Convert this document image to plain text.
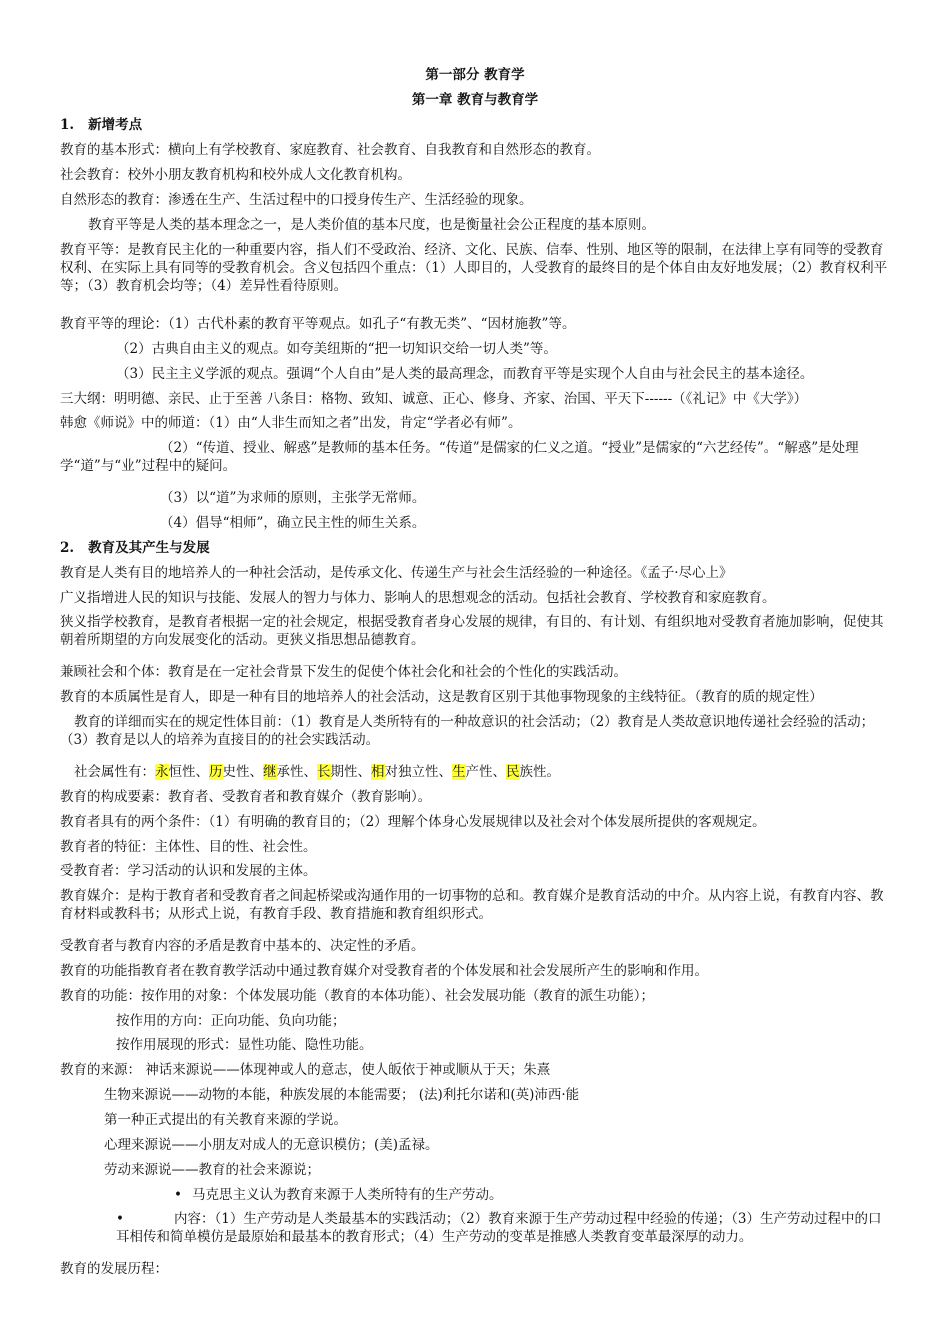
第一部分 教育学
第一章 教育与教育学
1. 新增考点
教育的基本形式：横向上有学校教育、家庭教育、社会教育、自我教育和自然形态的教育。
社会教育：校外小朋友教育机构和校外成人文化教育机构。
自然形态的教育：渗透在生产、生活过程中的口授身传生产、生活经验的现象。
教育平等是人类的基本理念之一，是人类价值的基本尺度，也是衡量社会公正程度的基本原则。
教育平等：是教育民主化的一种重要内容，指人们不受政治、经济、文化、民族、信奉、性别、地区等的限制，在法律上享有同等的受教育权利、在实际上具有同等的受教育机会。含义包括四个重点：（1）人即目的，人受教育的最终目的是个体自由友好地发展；（2）教育权利平等；（3）教育机会均等；（4）差异性看待原则。
教育平等的理论：（1）古代朴素的教育平等观点。如孔子“有教无类”、“因材施教”等。
（2）古典自由主义的观点。如夸美纽斯的“把一切知识交给一切人类”等。
（3）民主主义学派的观点。强调“个人自由”是人类的最高理念，而教育平等是实现个人自由与社会民主的基本途径。
三大纲：明明德、亲民、止于至善 八条目：格物、致知、诚意、正心、修身、齐家、治国、平天下------（《礼记》中《大学》）
韩愈《师说》中的师道：（1）由“人非生而知之者”出发，肯定“学者必有师”。
（2）“传道、授业、解惑”是教师的基本任务。“传道”是儒家的仁义之道。“授业”是儒家的“六艺经传”。“解惑”是处理学“道”与“业”过程中的疑问。
（3）以“道”为求师的原则，主张学无常师。
（4）倡导“相师”，确立民主性的师生关系。
2. 教育及其产生与发展
教育是人类有目的地培养人的一种社会活动，是传承文化、传递生产与社会生活经验的一种途径。《孟子·尽心上》
广义指增进人民的知识与技能、发展人的智力与体力、影响人的思想观念的活动。包括社会教育、学校教育和家庭教育。
狭义指学校教育，是教育者根据一定的社会规定，根据受教育者身心发展的规律，有目的、有计划、有组织地对受教育者施加影响，促使其朝着所期望的方向发展变化的活动。更狭义指思想品德教育。
兼顾社会和个体：教育是在一定社会背景下发生的促使个体社会化和社会的个性化的实践活动。
教育的本质属性是育人，即是一种有目的地培养人的社会活动，这是教育区别于其他事物现象的主线特征。（教育的质的规定性）
教育的详细而实在的规定性体目前：（1）教育是人类所特有的一种故意识的社会活动；（2）教育是人类故意识地传递社会经验的活动；（3）教育是以人的培养为直接目的的社会实践活动。
社会属性有：永恒性、历史性、继承性、长期性、相对独立性、生产性、民族性。
教育的构成要素：教育者、受教育者和教育媒介（教育影响）。
教育者具有的两个条件：（1）有明确的教育目的；（2）理解个体身心发展规律以及社会对个体发展所提供的客观规定。
教育者的特征：主体性、目的性、社会性。
受教育者：学习活动的认识和发展的主体。
教育媒介：是构于教育者和受教育者之间起桥梁或沟通作用的一切事物的总和。教育媒介是教育活动的中介。从内容上说，有教育内容、教育材料或教科书；从形式上说，有教育手段、教育措施和教育组织形式。
受教育者与教育内容的矛盾是教育中基本的、决定性的矛盾。
教育的功能指教育者在教育教学活动中通过教育媒介对受教育者的个体发展和社会发展所产生的影响和作用。
教育的功能：按作用的对象：个体发展功能（教育的本体功能）、社会发展功能（教育的派生功能）；
按作用的方向：正向功能、负向功能；
按作用展现的形式：显性功能、隐性功能。
教育的来源： 神话来源说——体现神或人的意志，使人皈依于神或顺从于天；朱熹
生物来源说——动物的本能，种族发展的本能需要； (法)利托尔诺和(英)沛西·能
第一种正式提出的有关教育来源的学说。
心理来源说——小朋友对成人的无意识模仿；(美)孟禄。
劳动来源说——教育的社会来源说；
• 马克思主义认为教育来源于人类所特有的生产劳动。
•	内容：（1）生产劳动是人类最基本的实践活动；（2）教育来源于生产劳动过程中经验的传递；（3）生产劳动过程中的口耳相传和简单模仿是最原始和最基本的教育形式；（4）生产劳动的变革是推感人类教育变革最深厚的动力。
教育的发展历程：
